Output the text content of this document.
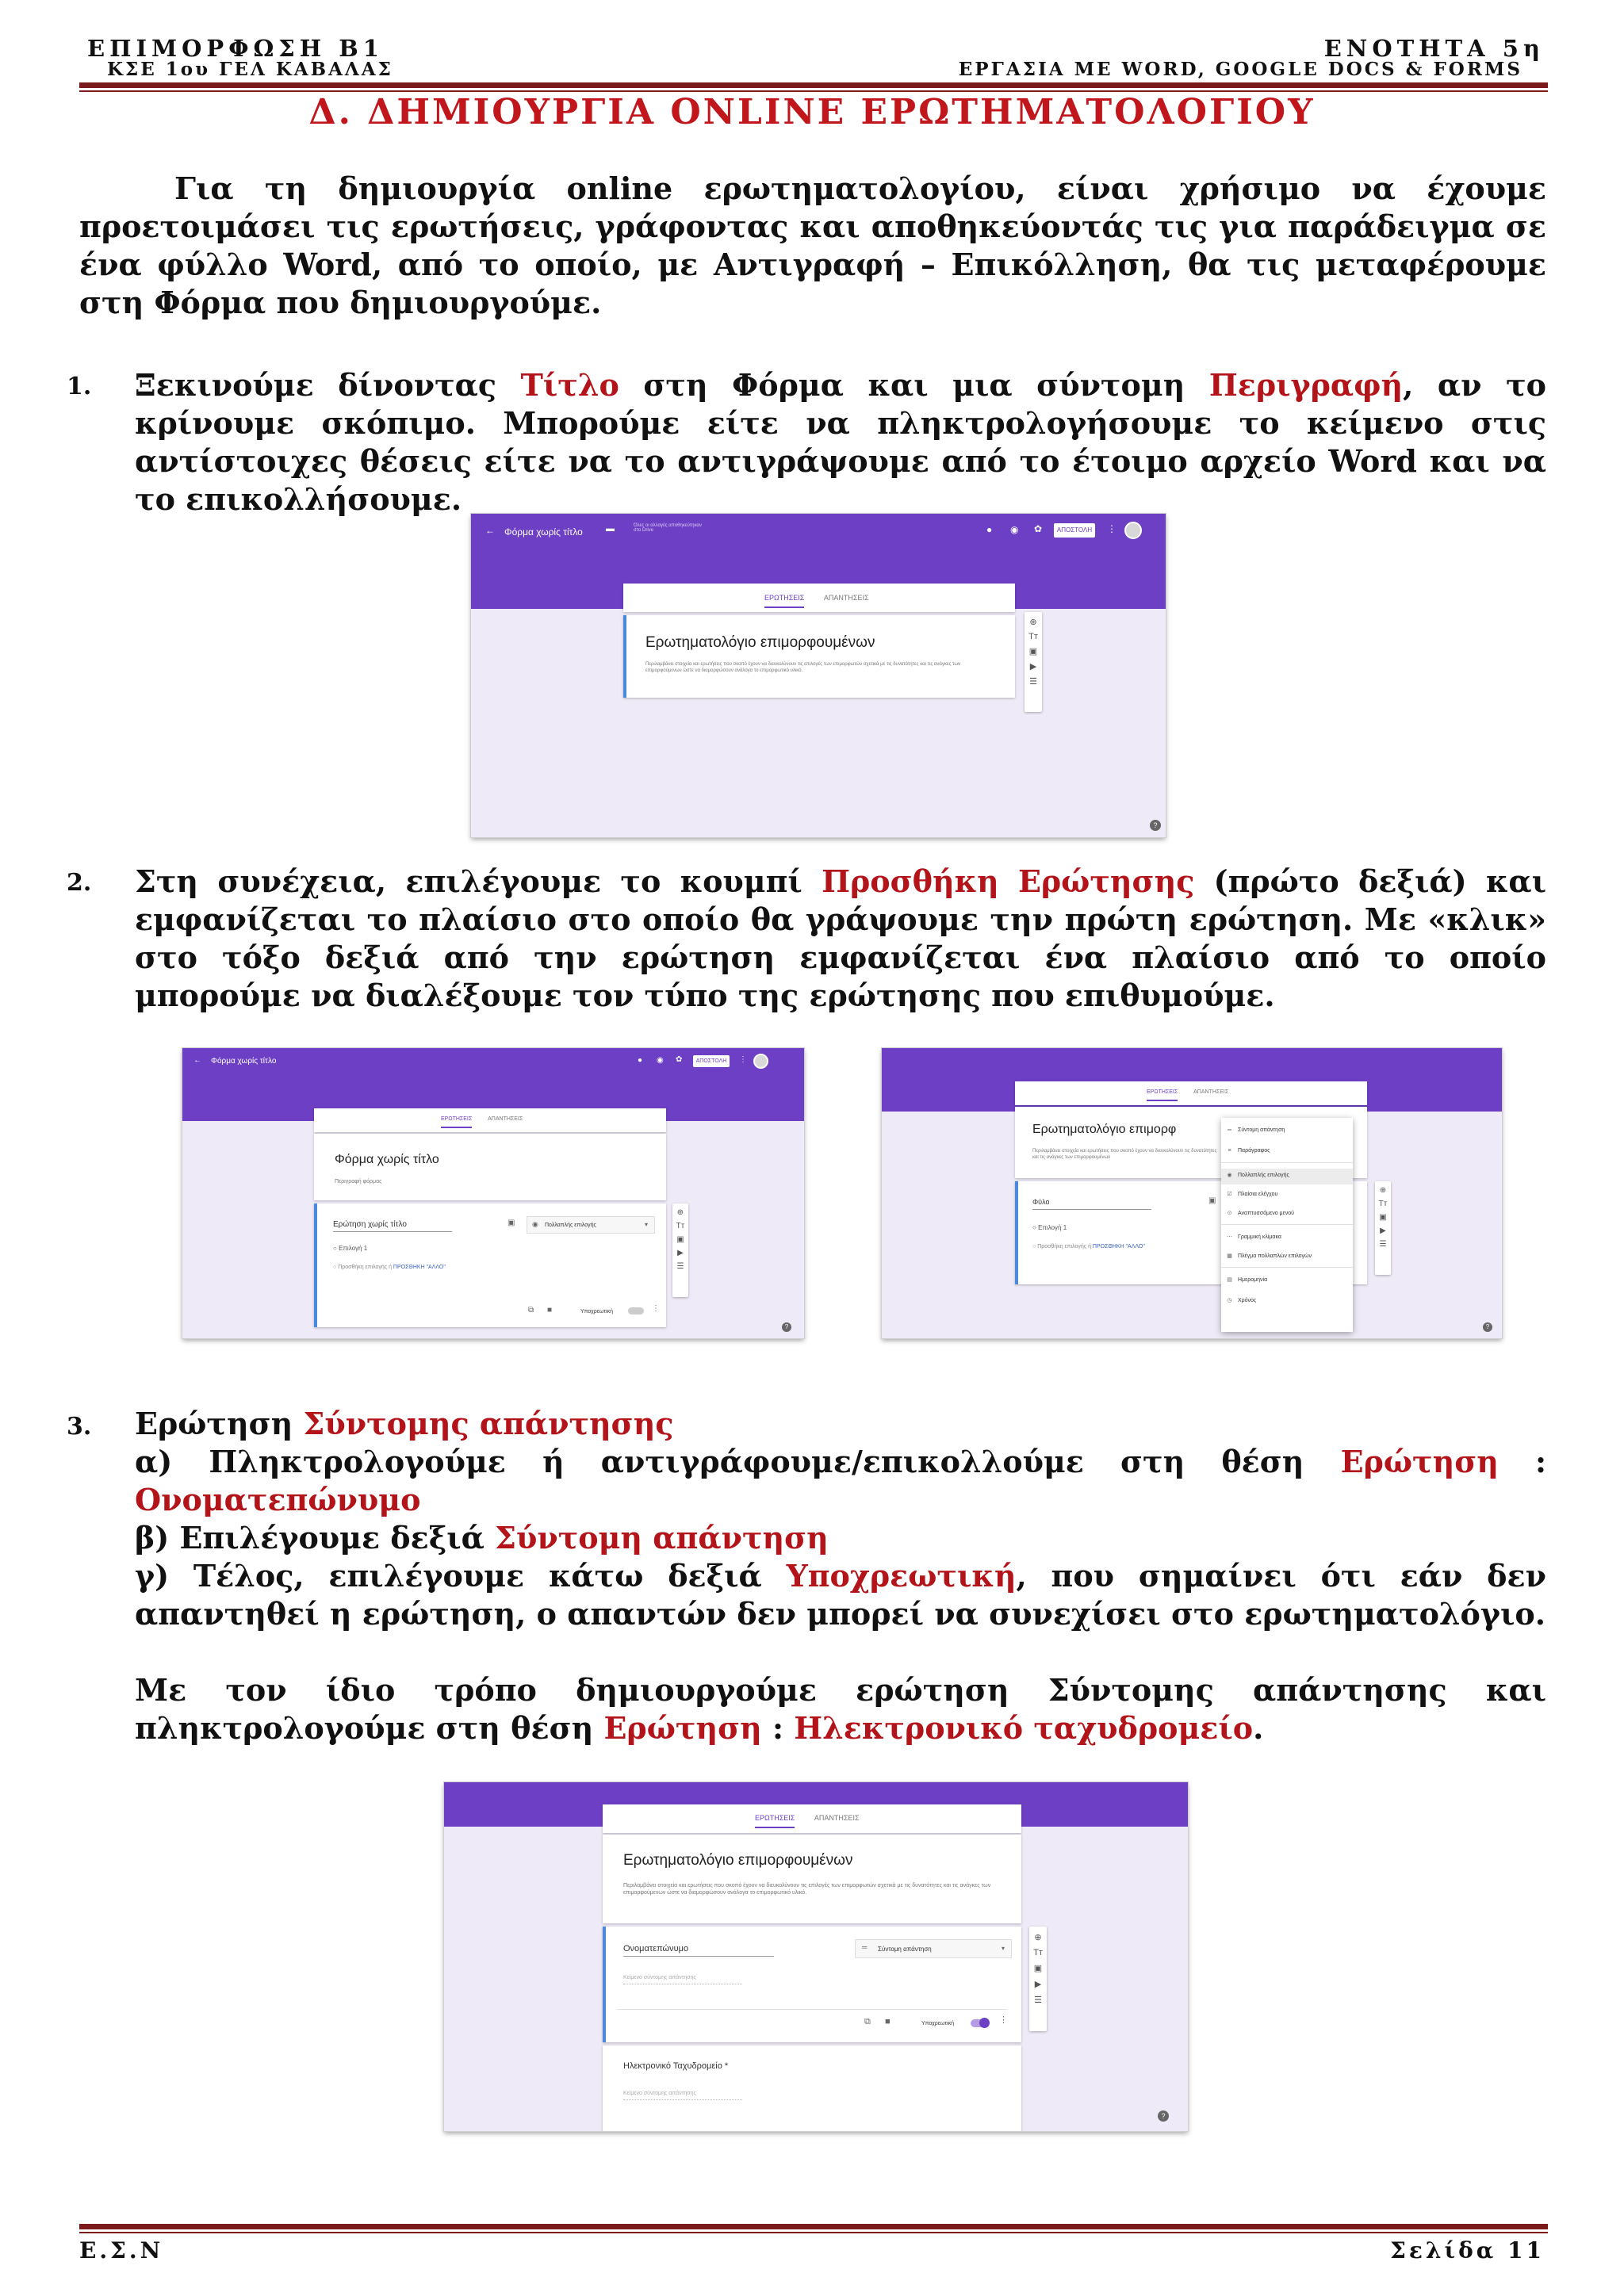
ΕΠΙΜΟΡΦΩΣΗ Β1
ΚΣΕ 1ου ΓΕΛ ΚΑΒΑΛΑΣ
ΕΝΟΤΗΤΑ 5η
ΕΡΓΑΣΙΑ ΜΕ WORD, GOOGLE DOCS & FORMS
Δ. ΔΗΜΙΟΥΡΓΙΑ ONLINE ΕΡΩΤΗΜΑΤΟΛΟΓΙΟΥ

Για τη δημιουργία online ερωτηματολογίου, είναι χρήσιμο να έχουμε προετοιμάσει τις ερωτήσεις, γράφοντας και αποθηκεύοντάς τις για παράδειγμα σε ένα φύλλο Word, από το οποίο, με Αντιγραφή – Επικόλληση, θα τις μεταφέρουμε στη Φόρμα που δημιουργούμε.

1. Ξεκινούμε δίνοντας Τίτλο στη Φόρμα και μια σύντομη Περιγραφή, αν το κρίνουμε σκόπιμο. Μπορούμε είτε να πληκτρολογήσουμε το κείμενο στις αντίστοιχες θέσεις είτε να το αντιγράψουμε από το έτοιμο αρχείο Word και να το επικολλήσουμε.
← Φόρμα χωρίς τίτλο	▬	Όλες οι αλλαγές αποθηκεύτηκαν στο Drive	● ◉ ✿	ΑΠΟΣΤΟΛΗ	⋮
ΕΡΩΤΗΣΕΙΣ	ΑΠΑΝΤΗΣΕΙΣ
Ερωτηματολόγιο επιμορφουμένων
Περιλαμβάνει στοιχεία και ερωτήσεις που σκοπό έχουν να διευκολύνουν τις επιλογές των επιμορφωτών σχετικά με τις δυνατότητες και τις ανάγκες των επιμορφούμενων ώστε να διαμορφώσουν ανάλογα το επιμορφωτικό υλικό.
⊕
Tт
▣
▶
☰
?
2. Στη συνέχεια, επιλέγουμε το κουμπί Προσθήκη Ερώτησης (πρώτο δεξιά) και εμφανίζεται το πλαίσιο στο οποίο θα γράψουμε την πρώτη ερώτηση. Με «κλικ» στο τόξο δεξιά από την ερώτηση εμφανίζεται ένα πλαίσιο από το οποίο μπορούμε να διαλέξουμε τον τύπο της ερώτησης που επιθυμούμε.
← Φόρμα χωρίς τίτλο	● ◉ ✿	ΑΠΟΣΤΟΛΗ	⋮
ΕΡΩΤΗΣΕΙΣ	ΑΠΑΝΤΗΣΕΙΣ
Φόρμα χωρίς τίτλο
Περιγραφή φόρμας
Ερώτηση χωρίς τίτλο	▣ ◉ Πολλαπλής επιλογής	▾
○ Επιλογή 1
○ Προσθήκη επιλογής ή ΠΡΟΣΘΗΚΗ "ΑΛΛΟ"
⧉ ■	Υποχρεωτική	⋮
⊕
Tт
▣
▶
☰
?
ΕΡΩΤΗΣΕΙΣ	ΑΠΑΝΤΗΣΕΙΣ
Ερωτηματολόγιο επιμορφ
Περιλαμβάνει στοιχεία και ερωτήσεις που σκοπό έχουν να διευκολύνουν τις δυνατότητες και τις ανάγκες των επιμορφουμένων
Φύλο	▣
○ Επιλογή 1
○ Προσθήκη επιλογής ή ΠΡΟΣΘΗΚΗ "ΑΛΛΟ"
═ Σύντομη απάντηση
≡ Παράγραφος
◉ Πολλαπλής επιλογής
☑ Πλαίσια ελέγχου
⊙ Αναπτυσσόμενο μενού
⋯ Γραμμική κλίμακα
▦ Πλέγμα πολλαπλών επιλογών
▤ Ημερομηνία
◷ Χρόνος
⊕
Tт
▣
▶
☰
?
3. Ερώτηση Σύντομης απάντησης

α) Πληκτρολογούμε ή αντιγράφουμε/επικολλούμε στη θέση Ερώτηση :

Ονοματεπώνυμο

β) Επιλέγουμε δεξιά Σύντομη απάντηση

γ) Τέλος, επιλέγουμε κάτω δεξιά Υποχρεωτική, που σημαίνει ότι εάν δεν απαντηθεί η ερώτηση, ο απαντών δεν μπορεί να συνεχίσει στο ερωτηματολόγιο.

Με τον ίδιο τρόπο δημιουργούμε ερώτηση Σύντομης απάντησης και πληκτρολογούμε στη θέση Ερώτηση : Ηλεκτρονικό ταχυδρομείο.

ΕΡΩΤΗΣΕΙΣ	ΑΠΑΝΤΗΣΕΙΣ
Ερωτηματολόγιο επιμορφουμένων
Περιλαμβάνει στοιχεία και ερωτήσεις που σκοπό έχουν να διευκολύνουν τις επιλογές των επιμορφωτών σχετικά με τις δυνατότητες και τις ανάγκες των επιμορφούμενων ώστε να διαμορφώσουν ανάλογα το επιμορφωτικό υλικό.
Ονοματεπώνυμο	═ Σύντομη απάντηση	▾
Κείμενο σύντομης απάντησης
⧉ ■	Υποχρεωτική	⋮
Ηλεκτρονικό Ταχυδρομείο *
Κείμενο σύντομης απάντησης
⊕
Tт
▣
▶
☰
?
Ε.Σ.Ν	Σελίδα 11
